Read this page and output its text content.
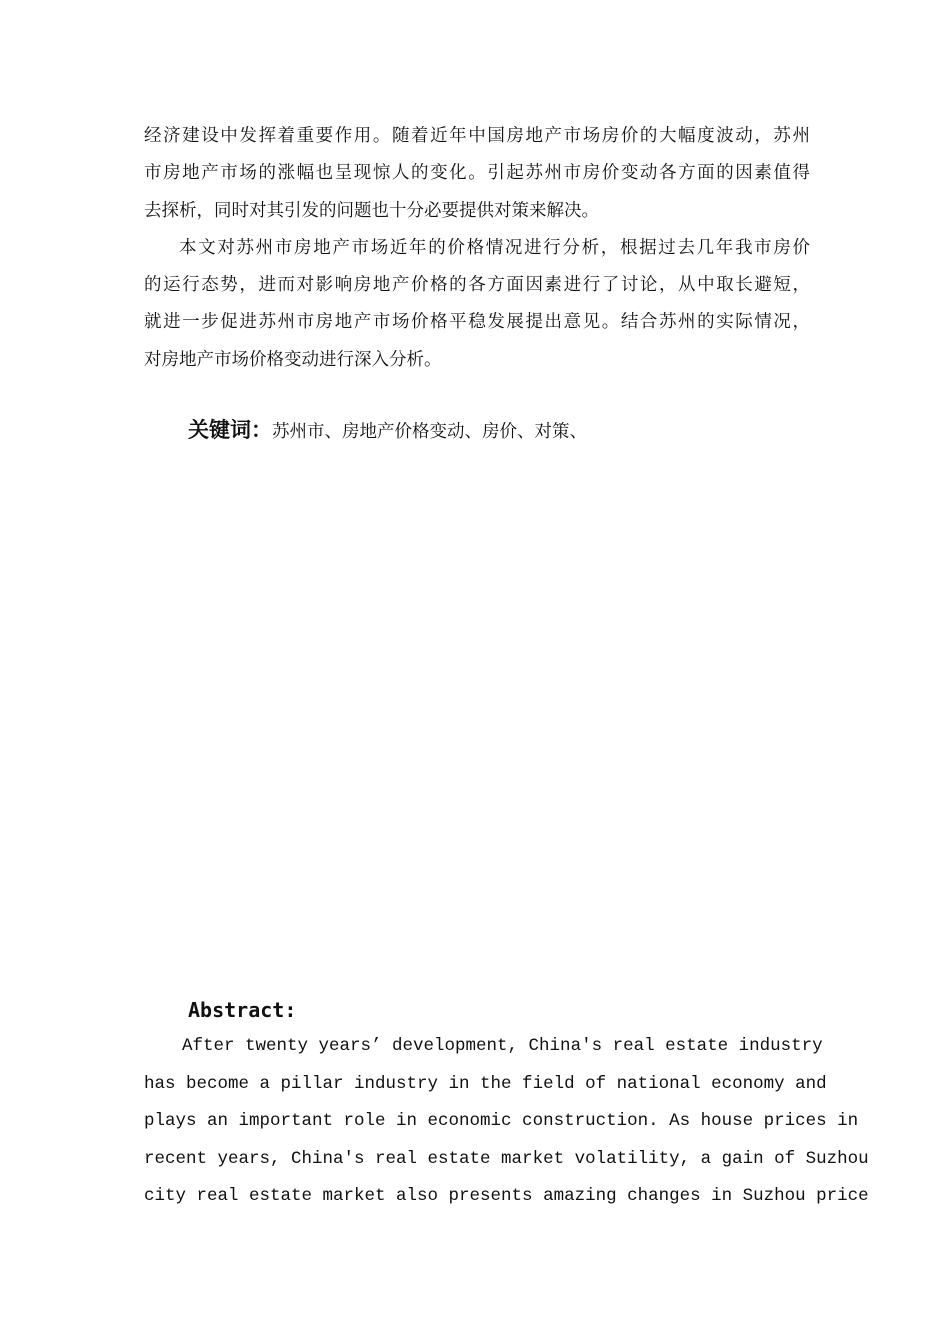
经济建设中发挥着重要作用。随着近年中国房地产市场房价的大幅度波动，苏州
市房地产市场的涨幅也呈现惊人的变化。引起苏州市房价变动各方面的因素值得
去探析，同时对其引发的问题也十分必要提供对策来解决。
本文对苏州市房地产市场近年的价格情况进行分析，根据过去几年我市房价
的运行态势，进而对影响房地产价格的各方面因素进行了讨论，从中取长避短，
就进一步促进苏州市房地产市场价格平稳发展提出意见。结合苏州的实际情况，
对房地产市场价格变动进行深入分析。
关键词：苏州市、房地产价格变动、房价、对策、
Abstract:
After twenty years’ development, China's real estate industry
has become a pillar industry in the field of national economy and
plays an important role in economic construction. As house prices in
recent years, China's real estate market volatility, a gain of Suzhou
city real estate market also presents amazing changes in Suzhou price
